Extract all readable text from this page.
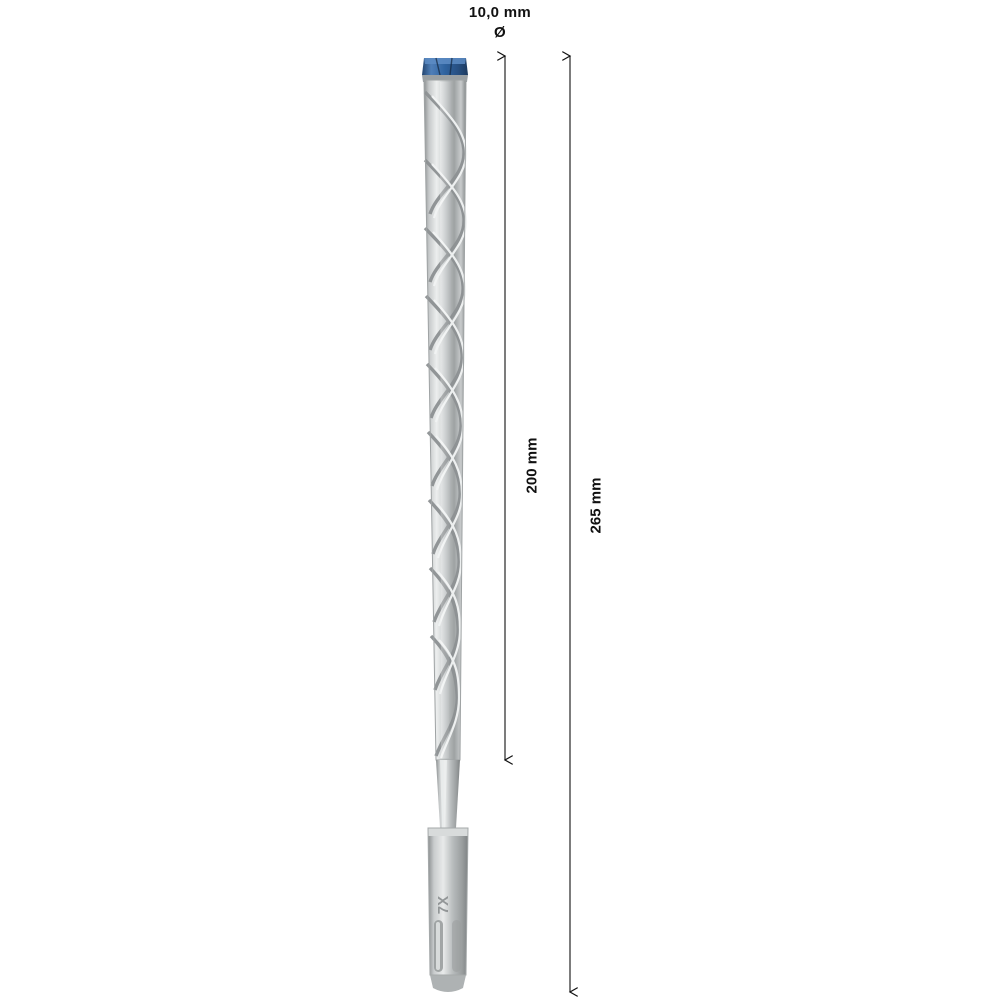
10,0 mm
Ø
200 mm
265 mm
7X
